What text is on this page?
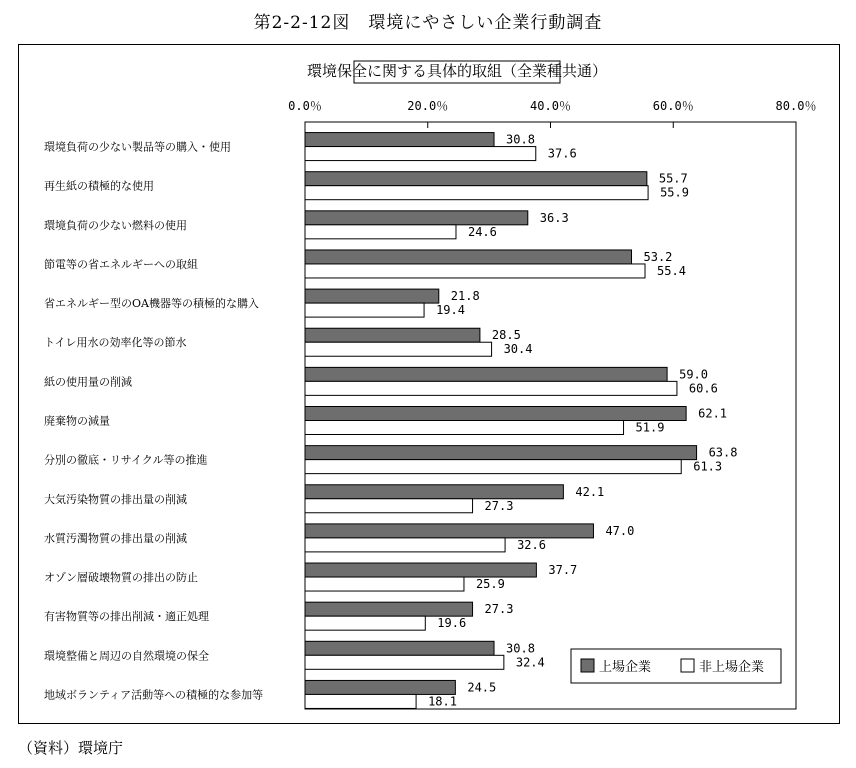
第2-2-12図　環境にやさしい企業行動調査
環境保全に関する具体的取組（全業種共通）
0.0％	20.0％	40.0％	60.0％	80.0％
環境負荷の少ない製品等の購入・使用
30.8
37.6
再生紙の積極的な使用
55.7
55.9
環境負荷の少ない燃料の使用
36.3
24.6
節電等の省エネルギーへの取組
53.2
55.4
省エネルギー型のOA機器等の積極的な購入
21.8
19.4
トイレ用水の効率化等の節水
28.5
30.4
紙の使用量の削減
59.0
60.6
廃棄物の減量
62.1
51.9
分別の徹底・リサイクル等の推進
63.8
61.3
大気汚染物質の排出量の削減
42.1
27.3
水質汚濁物質の排出量の削減
47.0
32.6
オゾン層破壊物質の排出の防止
37.7
25.9
有害物質等の排出削減・適正処理
27.3
19.6
環境整備と周辺の自然環境の保全
30.8
32.4
地域ボランティア活動等への積極的な参加等
24.5
18.1
上場企業	非上場企業
（資料）環境庁
